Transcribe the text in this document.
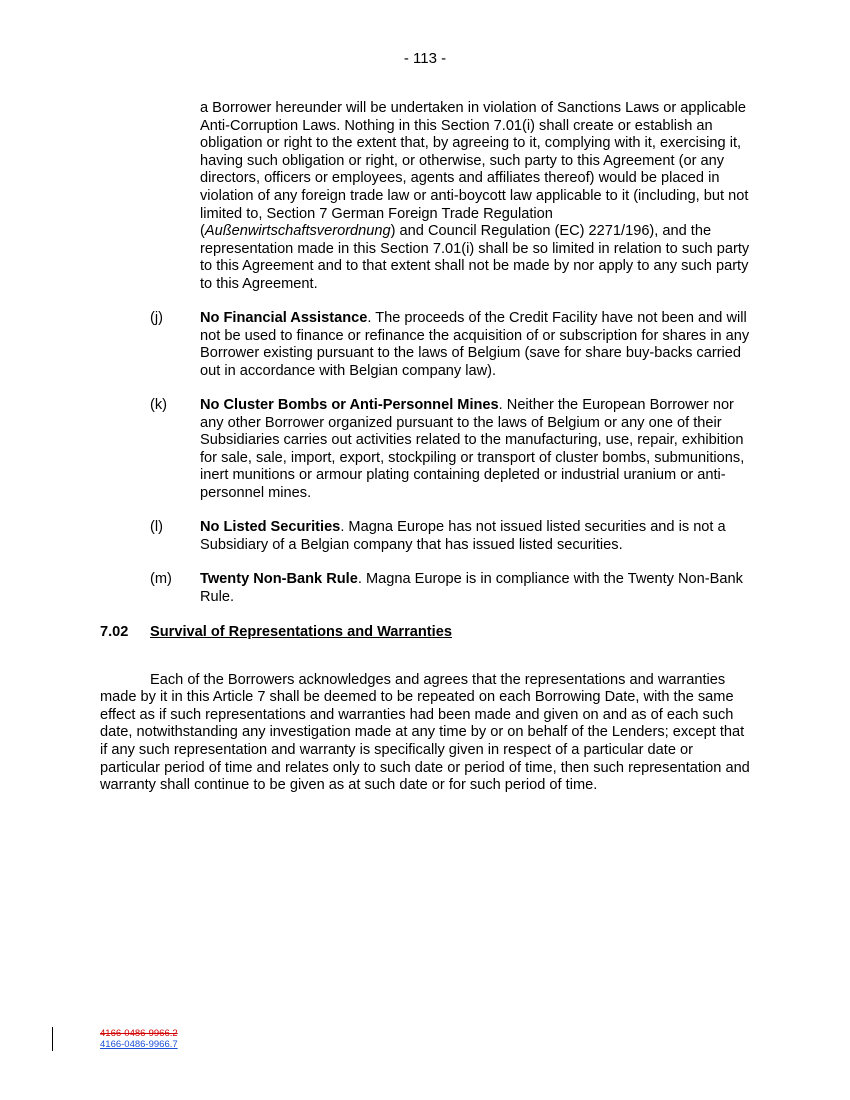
- 113 -

a Borrower hereunder will be undertaken in violation of Sanctions Laws or applicable Anti-Corruption Laws. Nothing in this Section 7.01(i) shall create or establish an obligation or right to the extent that, by agreeing to it, complying with it, exercising it, having such obligation or right, or otherwise, such party to this Agreement (or any directors, officers or employees, agents and affiliates thereof) would be placed in violation of any foreign trade law or anti-boycott law applicable to it (including, but not limited to, Section 7 German Foreign Trade Regulation (Außenwirtschaftsverordnung) and Council Regulation (EC) 2271/196), and the representation made in this Section 7.01(i) shall be so limited in relation to such party to this Agreement and to that extent shall not be made by nor apply to any such party to this Agreement.

(j)	No Financial Assistance. The proceeds of the Credit Facility have not been and will not be used to finance or refinance the acquisition of or subscription for shares in any Borrower existing pursuant to the laws of Belgium (save for share buy-backs carried out in accordance with Belgian company law).
(k) No Cluster Bombs or Anti-Personnel Mines. Neither the European Borrower nor any other Borrower organized pursuant to the laws of Belgium or any one of their Subsidiaries carries out activities related to the manufacturing, use, repair, exhibition for sale, sale, import, export, stockpiling or transport of cluster bombs, submunitions, inert munitions or armour plating containing depleted or industrial uranium or anti-personnel mines.
(l)	No Listed Securities. Magna Europe has not issued listed securities and is not a Subsidiary of a Belgian company that has issued listed securities.
(m) Twenty Non-Bank Rule. Magna Europe is in compliance with the Twenty Non-Bank Rule.
7.02 Survival of Representations and Warranties

Each of the Borrowers acknowledges and agrees that the representations and warranties made by it in this Article 7 shall be deemed to be repeated on each Borrowing Date, with the same effect as if such representations and warranties had been made and given on and as of each such date, notwithstanding any investigation made at any time by or on behalf of the Lenders; except that if any such representation and warranty is specifically given in respect of a particular date or particular period of time and relates only to such date or period of time, then such representation and warranty shall continue to be given as at such date or for such period of time.

4166-0486-9966.2
4166-0486-9966.7
